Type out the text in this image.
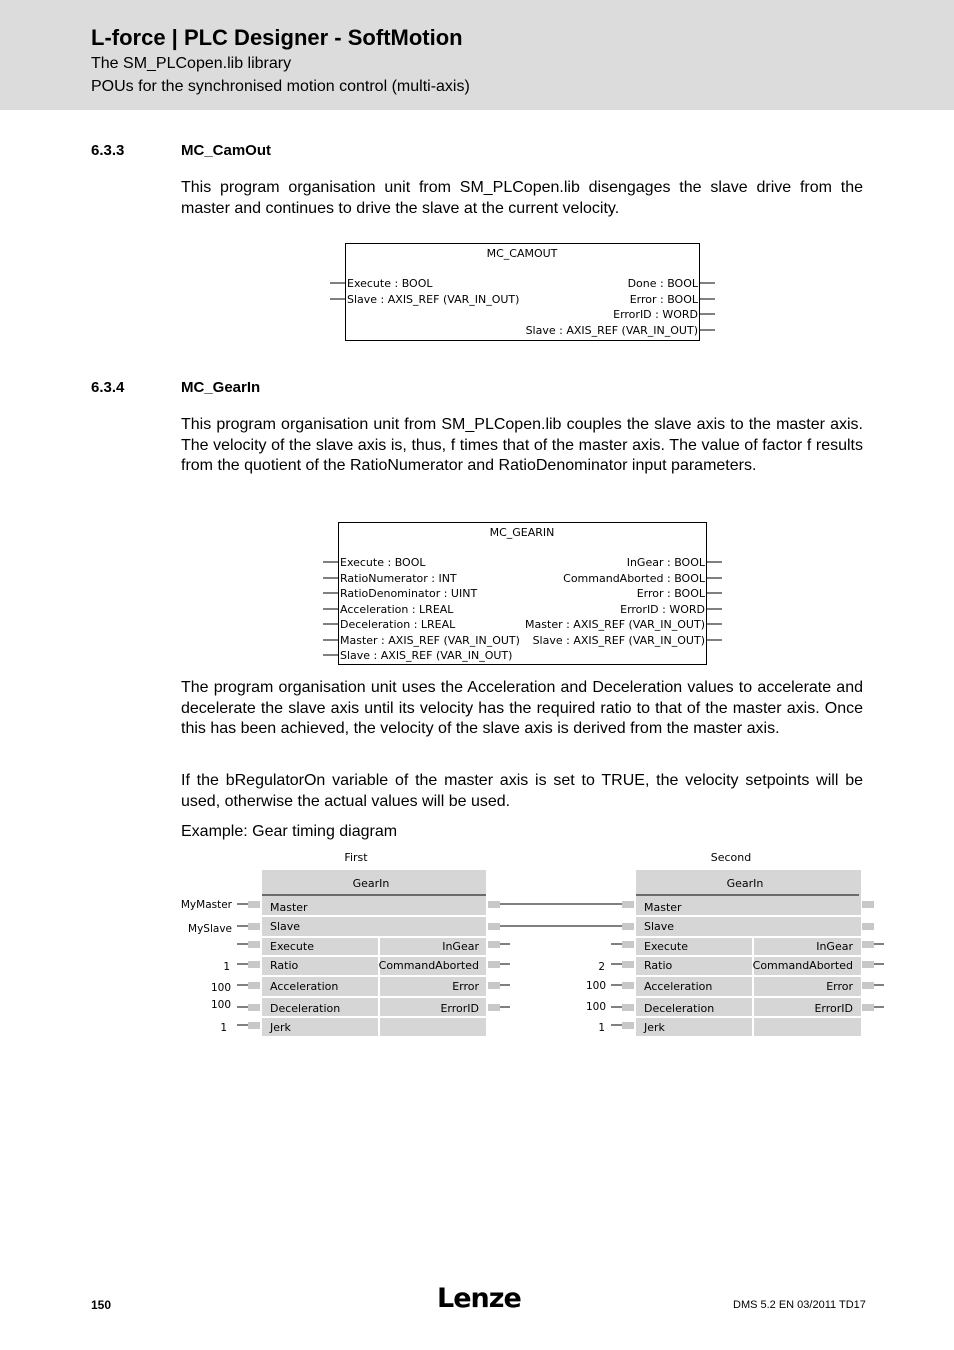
L-force | PLC Designer - SoftMotion
The SM_PLCopen.lib library
POUs for the synchronised motion control (multi-axis)
6.3.3	MC_CamOut

This program organisation unit from SM_PLCopen.lib disengages the slave drive from the master and continues to drive the slave at the current velocity.

MC_CAMOUT
Execute : BOOL
Slave : AXIS_REF (VAR_IN_OUT)
Done : BOOL
Error : BOOL
ErrorID : WORD
Slave : AXIS_REF (VAR_IN_OUT)
6.3.4	MC_GearIn

This program organisation unit from SM_PLCopen.lib couples the slave axis to the master axis. The velocity of the slave axis is, thus, f times that of the master axis. The value of factor f results from the quotient of the RatioNumerator and RatioDenominator input parameters.

MC_GEARIN
Execute : BOOL
RatioNumerator : INT
RatioDenominator : UINT
Acceleration : LREAL
Deceleration : LREAL
Master : AXIS_REF (VAR_IN_OUT)
Slave : AXIS_REF (VAR_IN_OUT)
InGear : BOOL
CommandAborted : BOOL
Error : BOOL
ErrorID : WORD
Master : AXIS_REF (VAR_IN_OUT)
Slave : AXIS_REF (VAR_IN_OUT)

The program organisation unit uses the Acceleration and Deceleration values to accelerate and decelerate the slave axis until its velocity has the required ratio to that of the master axis. Once this has been achieved, the velocity of the slave axis is derived from the master axis.

If the bRegulatorOn variable of the master axis is set to TRUE, the velocity setpoints will be used, otherwise the actual values will be used.

Example: Gear timing diagram

First
GearIn
MyMaster
MySlave
1
100
100
1
Master
Slave
Execute
Ratio
Acceleration
Deceleration
Jerk
InGear
CommandAborted
Error
ErrorID
Second
GearIn
2
100
100
1
Master
Slave
Execute
Ratio
Acceleration
Deceleration
Jerk
InGear
CommandAborted
Error
ErrorID
150	Lenze	DMS 5.2 EN 03/2011 TD17
